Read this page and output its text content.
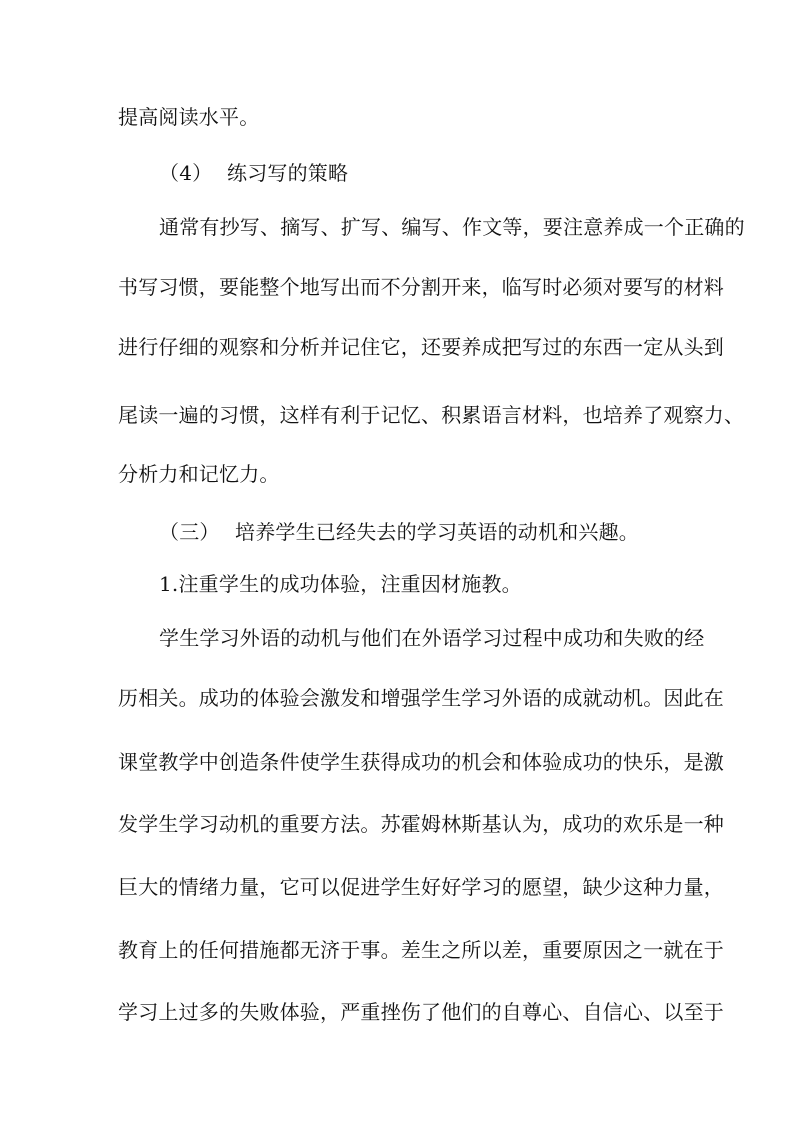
提高阅读水平。

（4） 练习写的策略

通常有抄写、摘写、扩写、编写、作文等，要注意养成一个正确的

书写习惯，要能整个地写出而不分割开来，临写时必须对要写的材料

进行仔细的观察和分析并记住它，还要养成把写过的东西一定从头到

尾读一遍的习惯，这样有利于记忆、积累语言材料，也培养了观察力、

分析力和记忆力。

（三） 培养学生已经失去的学习英语的动机和兴趣。

1.注重学生的成功体验，注重因材施教。

学生学习外语的动机与他们在外语学习过程中成功和失败的经

历相关。成功的体验会激发和增强学生学习外语的成就动机。因此在

课堂教学中创造条件使学生获得成功的机会和体验成功的快乐，是激

发学生学习动机的重要方法。苏霍姆林斯基认为，成功的欢乐是一种

巨大的情绪力量，它可以促进学生好好学习的愿望，缺少这种力量，

教育上的任何措施都无济于事。差生之所以差，重要原因之一就在于

学习上过多的失败体验，严重挫伤了他们的自尊心、自信心、以至于
